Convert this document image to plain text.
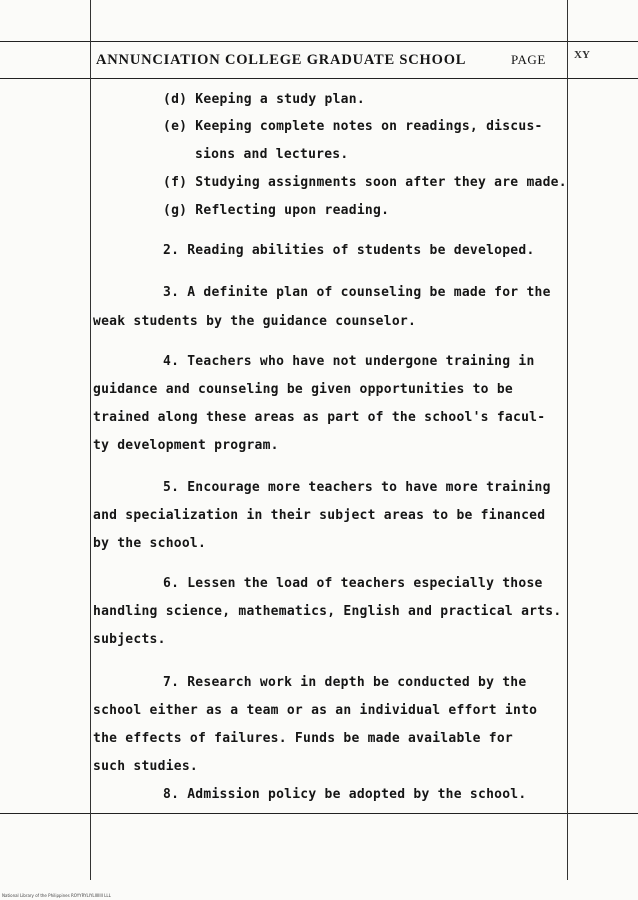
ANNUNCIATION COLLEGE GRADUATE SCHOOL	PAGE	XY
(d) Keeping a study plan.
(e) Keeping complete notes on readings, discus-
sions and lectures.
(f) Studying assignments soon after they are made.
(g) Reflecting upon reading.
2. Reading abilities of students be developed.
3. A definite plan of counseling be made for the
weak students by the guidance counselor.
4. Teachers who have not undergone training in
guidance and counseling be given opportunities to be
trained along these areas as part of the school's facul-
ty development program.
5. Encourage more teachers to have more training
and specialization in their subject areas to be financed
by the school.
6. Lessen the load of teachers especially those
handling science, mathematics, English and practical arts.
subjects.
7. Research work in depth be conducted by the
school either as a team or as an individual effort into
the effects of failures. Funds be made available for
such studies.
8. Admission policy be adopted by the school.
National Library of the Philippines ROYYRYLIYLIIIIIII LLL
